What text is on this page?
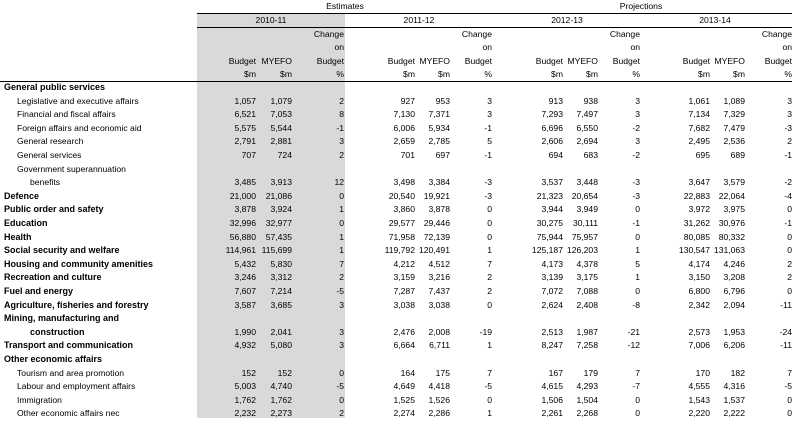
Estimates	Projections
2010-11	2011-12	2012-13	2013-14
Budget
$m
MYEFO
$m
Change
on
Budget
%
Budget
$m
MYEFO
$m
Change
on
Budget
%
Budget
$m
MYEFO
$m
Change
on
Budget
%
Budget
$m
MYEFO
$m
Change
on
Budget
%
General public services
Legislative and executive affairs	1,057	1,079	2	927	953	3	913	938	3	1,061	1,089	3
Financial and fiscal affairs	6,521	7,053	8	7,130	7,371	3	7,293	7,497	3	7,134	7,329	3
Foreign affairs and economic aid	5,575	5,544	-1	6,006	5,934	-1	6,696	6,550	-2	7,682	7,479	-3
General research	2,791	2,881	3	2,659	2,785	5	2,606	2,694	3	2,495	2,536	2
General services	707	724	2	701	697	-1	694	683	-2	695	689	-1
Government superannuation
benefits	3,485	3,913	12	3,498	3,384	-3	3,537	3,448	-3	3,647	3,579	-2
Defence	21,000	21,086	0	20,540	19,921	-3	21,323	20,654	-3	22,883	22,064	-4
Public order and safety	3,878	3,924	1	3,860	3,878	0	3,944	3,949	0	3,972	3,975	0
Education	32,996	32,977	0	29,577	29,446	0	30,275	30,111	-1	31,262	30,976	-1
Health	56,880	57,435	1	71,958	72,139	0	75,944	75,957	0	80,085	80,332	0
Social security and welfare	114,961 115,699	1	119,792 120,491	1	125,187 126,203	1	130,547 131,063	0
Housing and community amenities	5,432	5,830	7	4,212	4,512	7	4,173	4,378	5	4,174	4,246	2
Recreation and culture	3,246	3,312	2	3,159	3,216	2	3,139	3,175	1	3,150	3,208	2
Fuel and energy	7,607	7,214	-5	7,287	7,437	2	7,072	7,088	0	6,800	6,796	0
Agriculture, fisheries and forestry	3,587	3,685	3	3,038	3,038	0	2,624	2,408	-8	2,342	2,094	-11
Mining, manufacturing and
construction	1,990	2,041	3	2,476	2,008	-19	2,513	1,987	-21	2,573	1,953	-24
Transport and communication	4,932	5,080	3	6,664	6,711	1	8,247	7,258	-12	7,006	6,206	-11
Other economic affairs
Tourism and area promotion	152	152	0	164	175	7	167	179	7	170	182	7
Labour and employment affairs	5,003	4,740	-5	4,649	4,418	-5	4,615	4,293	-7	4,555	4,316	-5
Immigration	1,762	1,762	0	1,525	1,526	0	1,506	1,504	0	1,543	1,537	0
Other economic affairs nec	2,232	2,273	2	2,274	2,286	1	2,261	2,268	0	2,220	2,222	0
